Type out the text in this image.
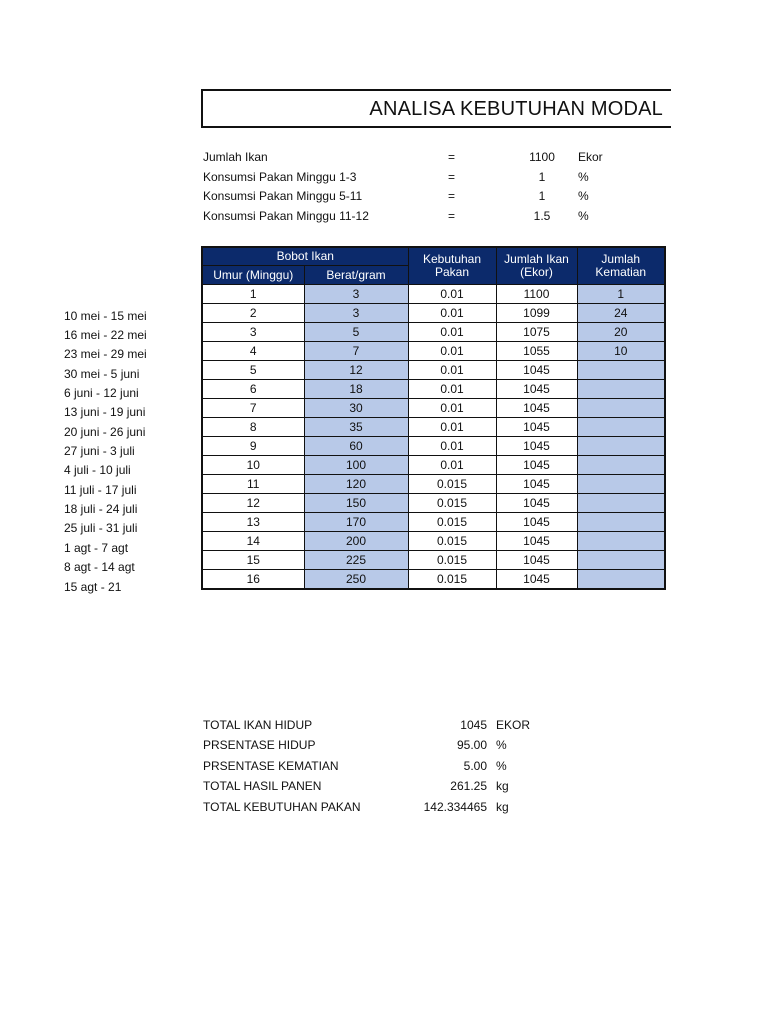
ANALISA KEBUTUHAN MODAL
Jumlah Ikan	=	1100	Ekor
Konsumsi Pakan Minggu 1-3	=	1	%
Konsumsi Pakan Minggu 5-11	=	1	%
Konsumsi Pakan Minggu 11-12	=	1.5	%
10 mei - 15 mei
16 mei - 22 mei
23 mei - 29 mei
30 mei - 5 juni
6 juni - 12 juni
13 juni - 19 juni
20 juni - 26 juni
27 juni - 3 juli
4 juli - 10 juli
11 juli - 17 juli
18 juli - 24 juli
25 juli - 31 juli
1 agt - 7 agt
8 agt - 14 agt
15 agt - 21
Bobot Ikan		Kebutuhan Pakan	Jumlah Ikan (Ekor)	Jumlah Kematian
Umur (Minggu)	Berat/gram			
1	3	0.01	1100	1
2	3	0.01	1099	24
3	5	0.01	1075	20
4	7	0.01	1055	10
5	12	0.01	1045	
6	18	0.01	1045	
7	30	0.01	1045	
8	35	0.01	1045	
9	60	0.01	1045	
10	100	0.01	1045	
11	120	0.015	1045	
12	150	0.015	1045	
13	170	0.015	1045	
14	200	0.015	1045	
15	225	0.015	1045	
16	250	0.015	1045	
TOTAL IKAN HIDUP	1045 EKOR
PRSENTASE HIDUP	95.00 %
PRSENTASE KEMATIAN	5.00 %
TOTAL HASIL PANEN	261.25 kg
TOTAL KEBUTUHAN PAKAN	142.334465 kg
